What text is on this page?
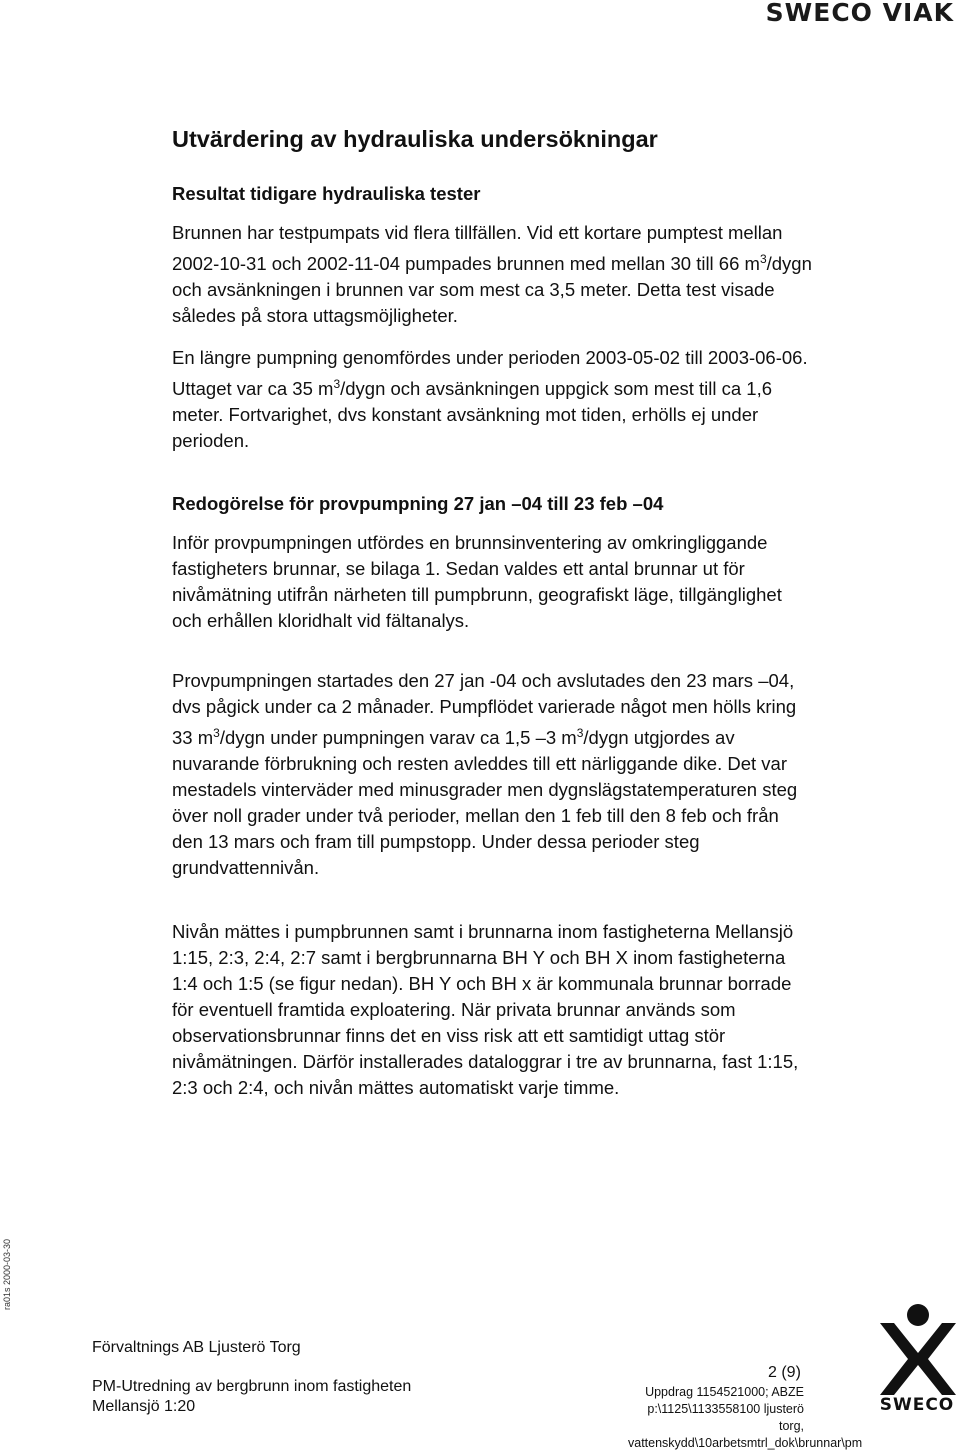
SWECO VIAK
Utvärdering av hydrauliska undersökningar
Resultat tidigare hydrauliska tester

Brunnen har testpumpats vid flera tillfällen. Vid ett kortare pumptest mellan 2002-10-31 och 2002-11-04 pumpades brunnen med mellan 30 till 66 $m^3$/dygn och avsänkningen i brunnen var som mest ca 3,5 meter. Detta test visade således på stora uttagsmöjligheter.

En längre pumpning genomfördes under perioden 2003-05-02 till 2003-06-06. Uttaget var ca 35 $m^3$/dygn och avsänkningen uppgick som mest till ca 1,6 meter. Fortvarighet, dvs konstant avsänkning mot tiden, erhölls ej under perioden.

Redogörelse för provpumpning 27 jan –04 till 23 feb –04

Inför provpumpningen utfördes en brunnsinventering av omkringliggande fastigheters brunnar, se bilaga 1. Sedan valdes ett antal brunnar ut för nivåmätning utifrån närheten till pumpbrunn, geografiskt läge, tillgänglighet och erhållen kloridhalt vid fältanalys.

Provpumpningen startades den 27 jan -04 och avslutades den 23 mars –04, dvs pågick under ca 2 månader. Pumpflödet varierade något men hölls kring 33 $m^3$/dygn under pumpningen varav ca 1,5 –3 $m^3$/dygn utgjordes av nuvarande förbrukning och resten avleddes till ett närliggande dike. Det var mestadels vinterväder med minusgrader men dygnslägstatemperaturen steg över noll grader under två perioder, mellan den 1 feb till den 8 feb och från den 13 mars och fram till pumpstopp. Under dessa perioder steg grundvattennivån.

Nivån mättes i pumpbrunnen samt i brunnarna inom fastigheterna Mellansjö 1:15, 2:3, 2:4, 2:7 samt i bergbrunnarna BH Y och BH X inom fastigheterna 1:4 och 1:5 (se figur nedan). BH Y och BH x är kommunala brunnar borrade för eventuell framtida exploatering. När privata brunnar används som observationsbrunnar finns det en viss risk att ett samtidigt uttag stör nivåmätningen. Därför installerades dataloggrar i tre av brunnarna, fast 1:15, 2:3 och 2:4, och nivån mättes automatiskt varje timme.

ra01s 2000-03-30
Förvaltnings AB Ljusterö Torg
PM-Utredning av bergbrunn inom fastigheten
Mellansjö 1:20
2 (9)
Uppdrag 1154521000; ABZE
p:\1125\1133558100 ljusterö torg,
vattenskydd\10arbetsmtrl_dok\brunnar\pm
SWECO
